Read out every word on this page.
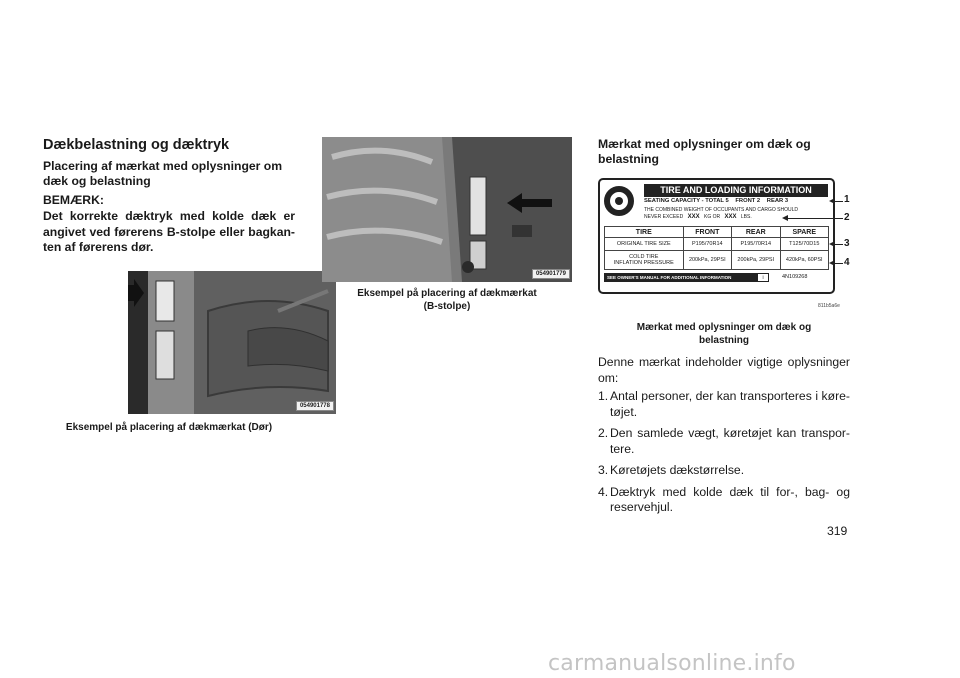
Dækbelastning og dæktryk
Placering af mærkat med oplysninger om dæk og belastning
BEMÆRK:
Det korrekte dæktryk med kolde dæk er angivet ved førerens B-stolpe eller bagkan-ten af førerens dør.
054901778
Eksempel på placering af dækmærkat (Dør)
054901779
Eksempel på placering af dækmærkat
(B-stolpe)
Mærkat med oplysninger om dæk og belastning
TIRE AND LOADING INFORMATION
SEATING CAPACITY - TOTAL 5 FRONT 2 REAR 3
THE COMBINED WEIGHT OF OCCUPANTS AND CARGO SHOULD
NEVER EXCEED XXX KG OR XXX LBS.
TIRE	FRONT	REAR	SPARE
ORIGINAL TIRE SIZE	P195/70R14	P195/70R14	T125/70D15
COLD TIRE
INFLATION PRESSURE	200kPa, 29PSI	200kPa, 29PSI	420kPa, 60PSI
SEE OWNER'S MANUAL FOR ADDITIONAL INFORMATION	i	4N109268
1
2
3
4
811b5a6e
Mærkat med oplysninger om dæk og
belastning
Denne mærkat indeholder vigtige oplysninger om:
1. Antal personer, der kan transporteres i køre-tøjet.
2. Den samlede vægt, køretøjet kan transpor-tere.
3. Køretøjets dækstørrelse.
4. Dæktryk med kolde dæk til for-, bag- og reservehjul.
319
carmanualsonline.info
